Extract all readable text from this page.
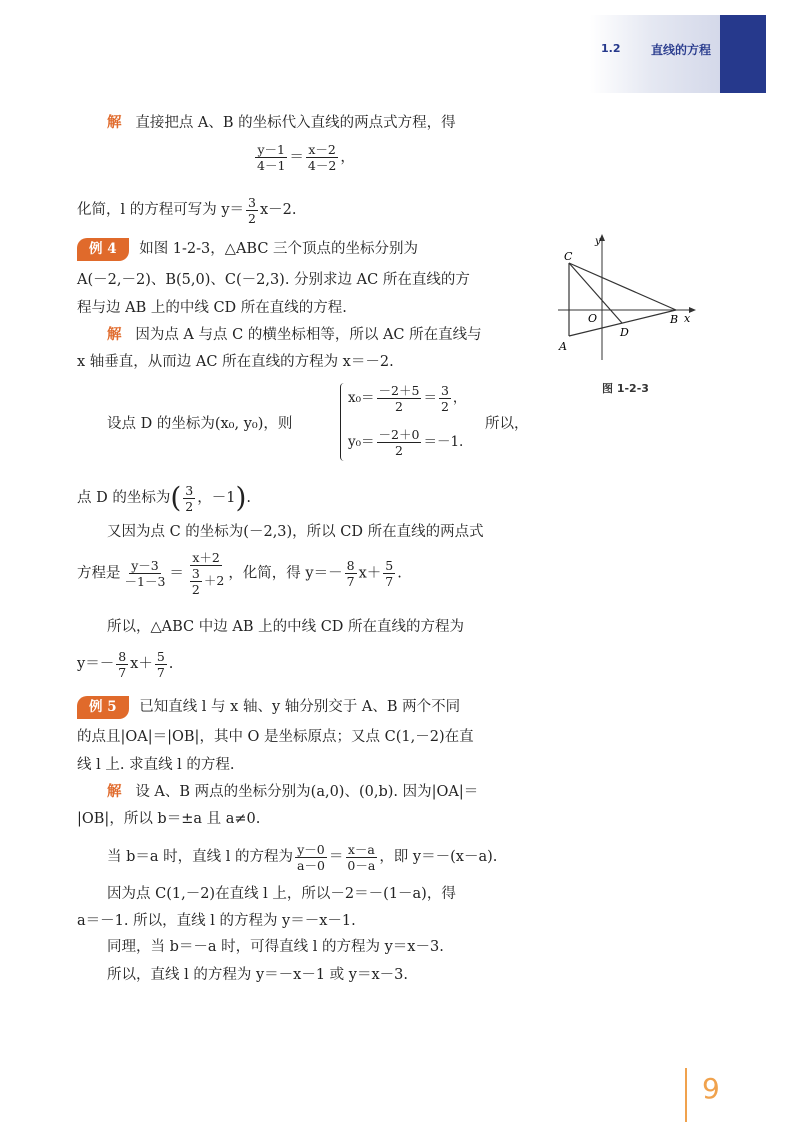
1.2	直线的方程
解 直接把点 A、B 的坐标代入直线的两点式方程，得
$\frac{y-1}{4-1} = \frac{x-2}{4-2}$ ，
化简，l 的方程可写为 $y= \frac{3}{2} x-2$.
例 4 如图 1-2-3，△ABC 三个顶点的坐标分别为
A(－2,－2)、B(5,0)、C(－2,3). 分别求边 AC 所在直线的方
程与边 AB 上的中线 CD 所在直线的方程.
解 因为点 A 与点 C 的横坐标相等，所以 AC 所在直线与
x 轴垂直，从而边 AC 所在直线的方程为 x＝－2.
设点 D 的坐标为(x₀, y₀)，则
$x_0= \frac{-2+5}{2} = \frac{3}{2}$ ，
$y_0= \frac{-2+0}{2} =-1$.
所以，
点 D 的坐标为( $\frac{3}{2}$ ，－1).
又因为点 C 的坐标为(－2,3)，所以 CD 所在直线的两点式
方程是 $\frac{y-3}{-1-3} = \frac{x+2}{\frac{3}{2} +2}$ ，化简，得 $y=- \frac{8}{7} x+ \frac{5}{7}$ .
所以，△ABC 中边 AB 上的中线 CD 所在直线的方程为
$y=- \frac{8}{7} x+ \frac{5}{7}$ .
y
x
C
O
D
B
A
图 1-2-3
例 5 已知直线 l 与 x 轴、y 轴分别交于 A、B 两个不同
的点且|OA|＝|OB|，其中 O 是坐标原点；又点 C(1,－2)在直
线 l 上. 求直线 l 的方程.
解 设 A、B 两点的坐标分别为(a,0)、(0,b). 因为|OA|＝
|OB|，所以 b＝±a 且 a≠0.
当 b＝a 时，直线 l 的方程为 $\frac{y-0}{a-0} = \frac{x-a}{0-a}$ ，即 y＝－(x－a).
因为点 C(1,－2)在直线 l 上，所以－2＝－(1－a)，得
a＝－1. 所以，直线 l 的方程为 y＝－x－1.
同理，当 b＝－a 时，可得直线 l 的方程为 y＝x－3.
所以，直线 l 的方程为 y＝－x－1 或 y＝x－3.
9
